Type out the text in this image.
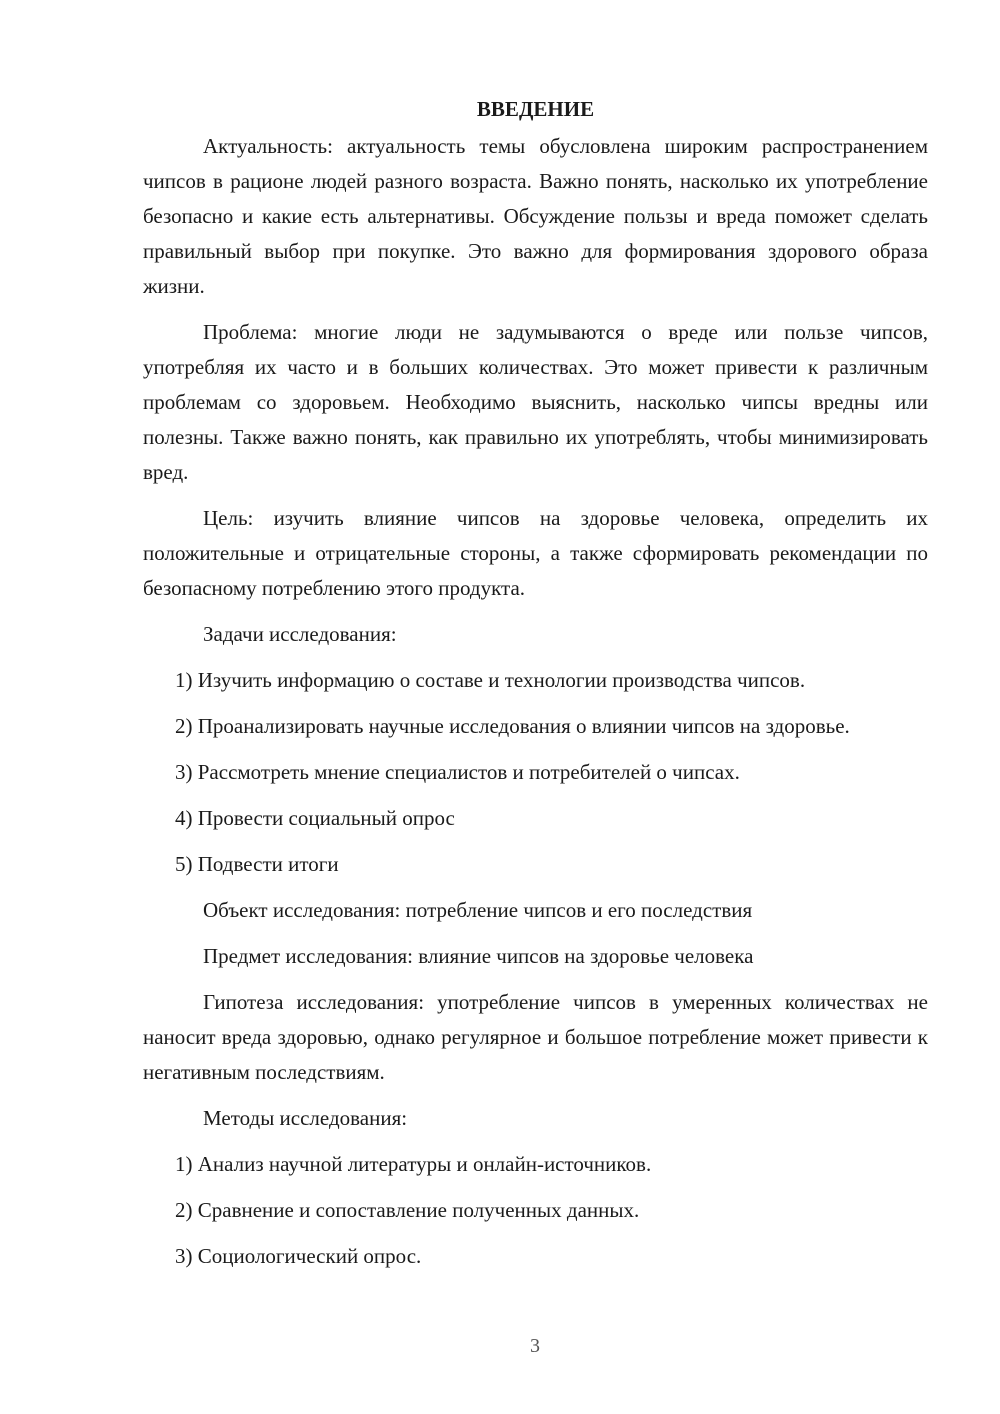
ВВЕДЕНИЕ

Актуальность: актуальность темы обусловлена широким распространением чипсов в рационе людей разного возраста. Важно понять, насколько их употребление безопасно и какие есть альтернативы. Обсуждение пользы и вреда поможет сделать правильный выбор при покупке. Это важно для формирования здорового образа жизни.

Проблема: многие люди не задумываются о вреде или пользе чипсов, употребляя их часто и в больших количествах. Это может привести к различным проблемам со здоровьем. Необходимо выяснить, насколько чипсы вредны или полезны. Также важно понять, как правильно их употреблять, чтобы минимизировать вред.

Цель: изучить влияние чипсов на здоровье человека, определить их положительные и отрицательные стороны, а также сформировать рекомендации по безопасному потреблению этого продукта.

Задачи исследования:

1) Изучить информацию о составе и технологии производства чипсов.

2) Проанализировать научные исследования о влиянии чипсов на здоровье.

3) Рассмотреть мнение специалистов и потребителей о чипсах.

4) Провести социальный опрос

5) Подвести итоги

Объект исследования: потребление чипсов и его последствия

Предмет исследования: влияние чипсов на здоровье человека

Гипотеза исследования: употребление чипсов в умеренных количествах не наносит вреда здоровью, однако регулярное и большое потребление может привести к негативным последствиям.

Методы исследования:

1) Анализ научной литературы и онлайн-источников.

2) Сравнение и сопоставление полученных данных.

3) Социологический опрос.

3
